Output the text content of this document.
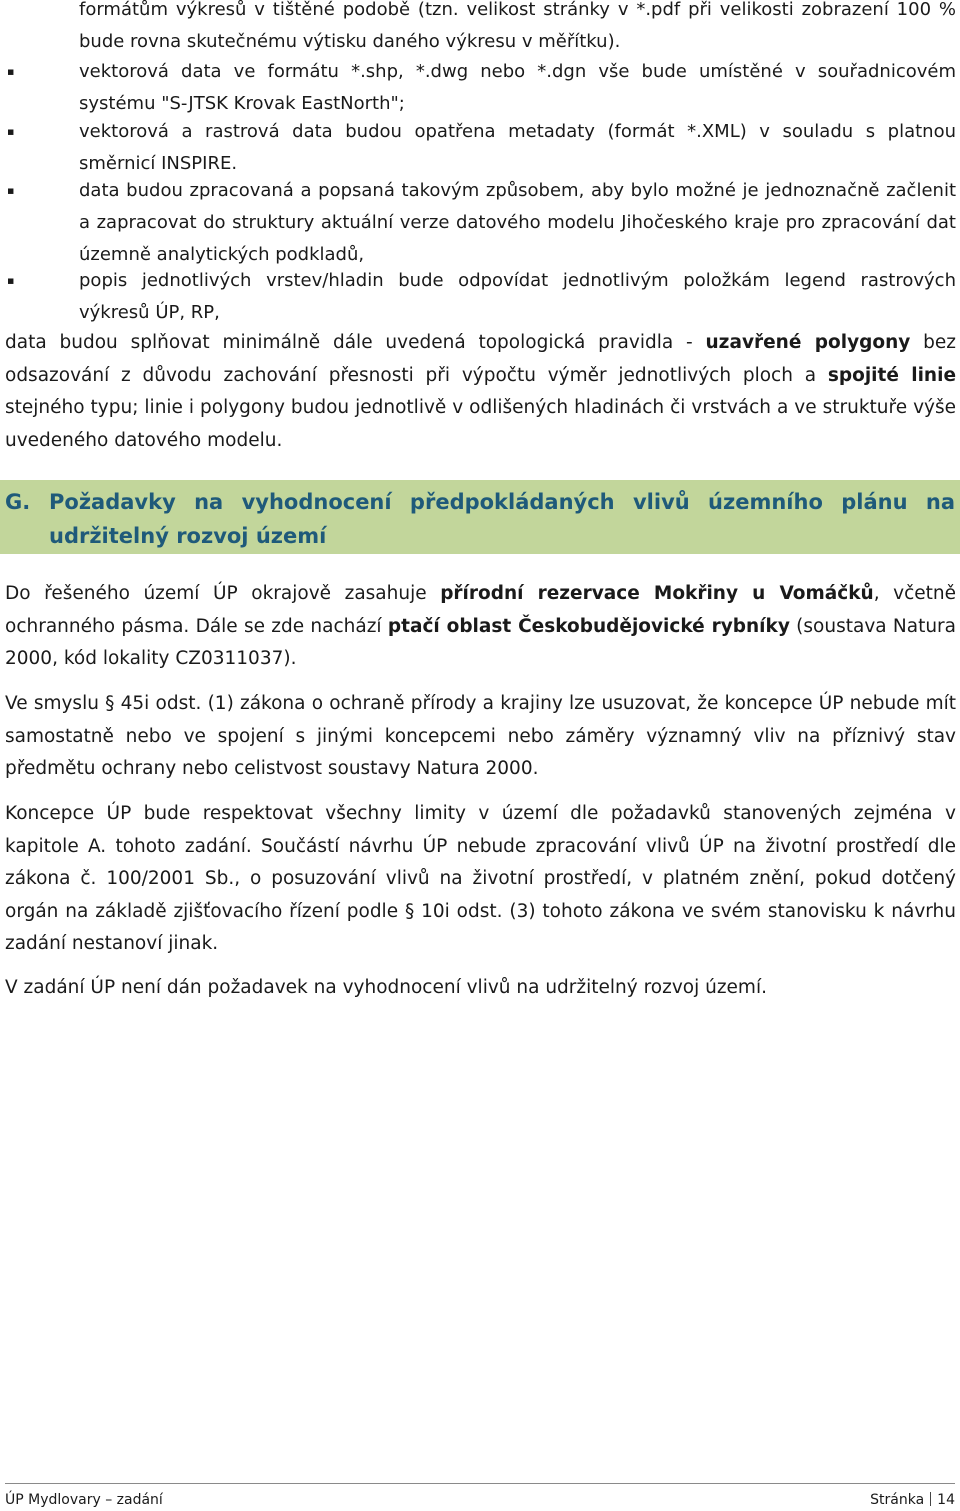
formátům výkresů v tištěné podobě (tzn. velikost stránky v *.pdf při velikosti zobrazení 100 % bude rovna skutečnému výtisku daného výkresu v měřítku).
▪	vektorová data ve formátu *.shp, *.dwg nebo *.dgn vše bude umístěné v souřadnicovém systému "S-JTSK Krovak EastNorth";
▪	vektorová a rastrová data budou opatřena metadaty (formát *.XML) v souladu s platnou směrnicí INSPIRE.
▪	data budou zpracovaná a popsaná takovým způsobem, aby bylo možné je jednoznačně začlenit a zapracovat do struktury aktuální verze datového modelu Jihočeského kraje pro zpracování dat územně analytických podkladů,
▪	popis jednotlivých vrstev/hladin bude odpovídat jednotlivým položkám legend rastrových výkresů ÚP, RP,

data budou splňovat minimálně dále uvedená topologická pravidla - uzavřené polygony bez odsazování z důvodu zachování přesnosti při výpočtu výměr jednotlivých ploch a spojité linie stejného typu; linie i polygony budou jednotlivě v odlišených hladinách či vrstvách a ve struktuře výše uvedeného datového modelu.

G. Požadavky na vyhodnocení předpokládaných vlivů územního plánu na udržitelný rozvoj území

Do řešeného území ÚP okrajově zasahuje přírodní rezervace Mokřiny u Vomáčků, včetně ochranného pásma. Dále se zde nachází ptačí oblast Českobudějovické rybníky (soustava Natura 2000, kód lokality CZ0311037).

Ve smyslu § 45i odst. (1) zákona o ochraně přírody a krajiny lze usuzovat, že koncepce ÚP nebude mít samostatně nebo ve spojení s jinými koncepcemi nebo záměry významný vliv na příznivý stav předmětu ochrany nebo celistvost soustavy Natura 2000.

Koncepce ÚP bude respektovat všechny limity v území dle požadavků stanovených zejména v kapitole A. tohoto zadání. Součástí návrhu ÚP nebude zpracování vlivů ÚP na životní prostředí dle zákona č. 100/2001 Sb., o posuzování vlivů na životní prostředí, v platném znění, pokud dotčený orgán na základě zjišťovacího řízení podle § 10i odst. (3) tohoto zákona ve svém stanovisku k návrhu zadání nestanoví jinak.

V zadání ÚP není dán požadavek na vyhodnocení vlivů na udržitelný rozvoj území.

ÚP Mydlovary – zadání	Stránka 14
